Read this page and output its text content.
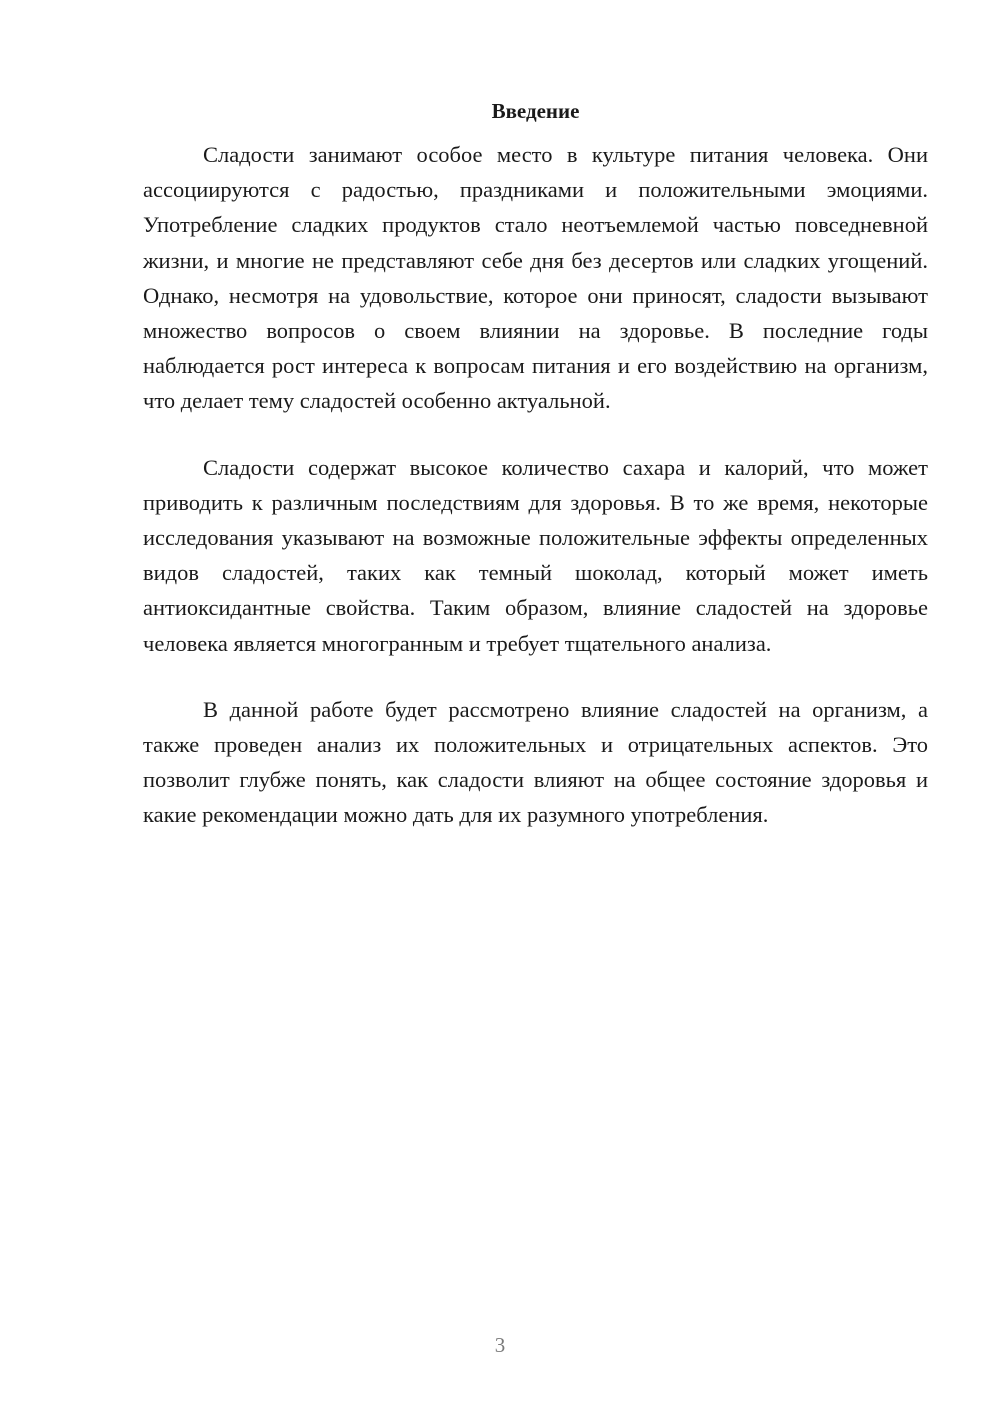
Введение

Сладости занимают особое место в культуре питания человека. Они ассоциируются с радостью, праздниками и положительными эмоциями. Употребление сладких продуктов стало неотъемлемой частью повседневной жизни, и многие не представляют себе дня без десертов или сладких угощений. Однако, несмотря на удовольствие, которое они приносят, сладости вызывают множество вопросов о своем влиянии на здоровье. В последние годы наблюдается рост интереса к вопросам питания и его воздействию на организм, что делает тему сладостей особенно актуальной.

Сладости содержат высокое количество сахара и калорий, что может приводить к различным последствиям для здоровья. В то же время, некоторые исследования указывают на возможные положительные эффекты определенных видов сладостей, таких как темный шоколад, который может иметь антиоксидантные свойства. Таким образом, влияние сладостей на здоровье человека является многогранным и требует тщательного анализа.

В данной работе будет рассмотрено влияние сладостей на организм, а также проведен анализ их положительных и отрицательных аспектов. Это позволит глубже понять, как сладости влияют на общее состояние здоровья и какие рекомендации можно дать для их разумного употребления.

3
